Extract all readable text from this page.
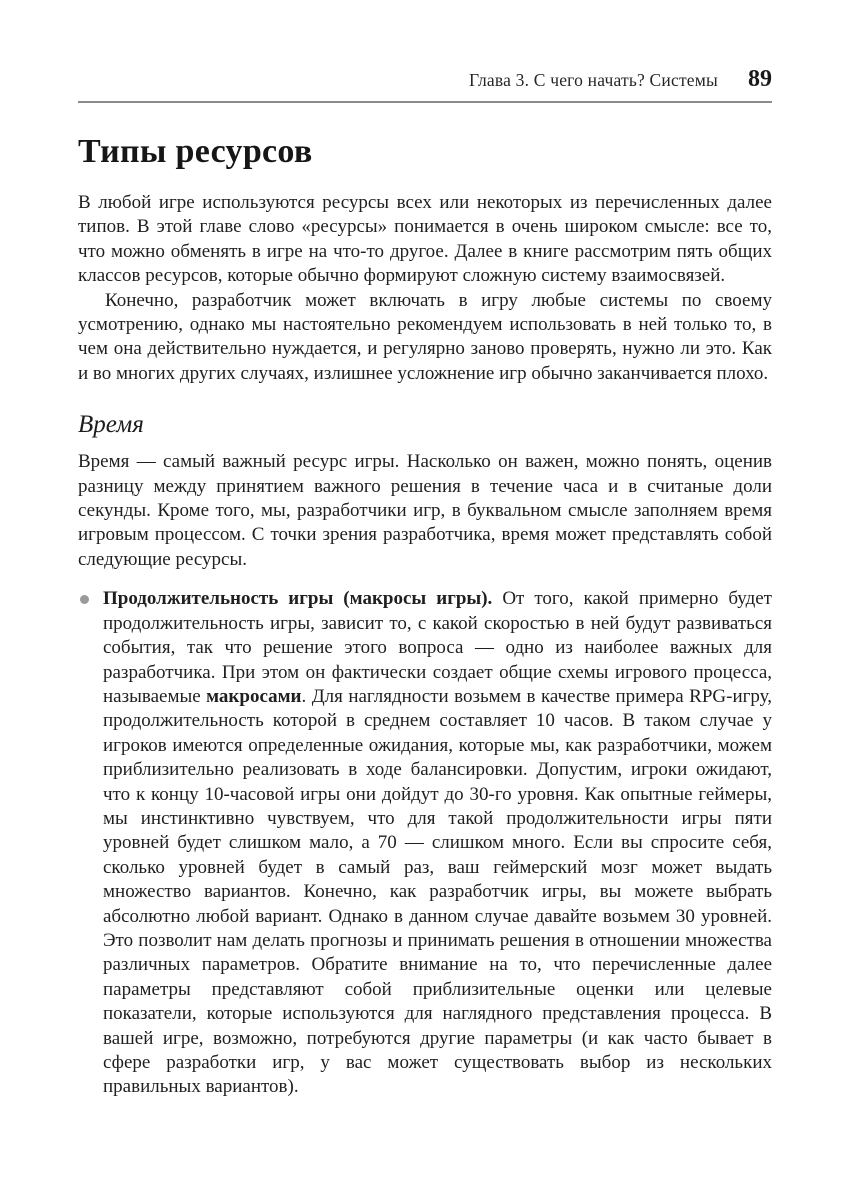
Глава 3. С чего начать? Системы 89
Типы ресурсов

В любой игре используются ресурсы всех или некоторых из перечисленных далее типов. В этой главе слово «ресурсы» понимается в очень широком смысле: все то, что можно обменять в игре на что-то другое. Далее в книге рассмотрим пять общих классов ресурсов, которые обычно формируют сложную систему взаимосвязей.

Конечно, разработчик может включать в игру любые системы по своему усмотрению, однако мы настоятельно рекомендуем использовать в ней только то, в чем она действительно нуждается, и регулярно заново проверять, нужно ли это. Как и во многих других случаях, излишнее усложнение игр обычно заканчивается плохо.

Время

Время — самый важный ресурс игры. Насколько он важен, можно понять, оценив разницу между принятием важного решения в течение часа и в считаные доли секунды. Кроме того, мы, разработчики игр, в буквальном смысле заполняем время игровым процессом. С точки зрения разработчика, время может представлять собой следующие ресурсы.

Продолжительность игры (макросы игры). От того, какой примерно будет продолжительность игры, зависит то, с какой скоростью в ней будут развиваться события, так что решение этого вопроса — одно из наиболее важных для разработчика. При этом он фактически создает общие схемы игрового процесса, называемые макросами. Для наглядности возьмем в качестве примера RPG-игру, продолжительность которой в среднем составляет 10 часов. В таком случае у игроков имеются определенные ожидания, которые мы, как разработчики, можем приблизительно реализовать в ходе балансировки. Допустим, игроки ожидают, что к концу 10-часовой игры они дойдут до 30-го уровня. Как опытные геймеры, мы инстинктивно чувствуем, что для такой продолжительности игры пяти уровней будет слишком мало, а 70 — слишком много. Если вы спросите себя, сколько уровней будет в самый раз, ваш геймерский мозг может выдать множество вариантов. Конечно, как разработчик игры, вы можете выбрать абсолютно любой вариант. Однако в данном случае давайте возьмем 30 уровней. Это позволит нам делать прогнозы и принимать решения в отношении множества различных параметров. Обратите внимание на то, что перечисленные далее параметры представляют собой приблизительные оценки или целевые показатели, которые используются для наглядного представления процесса. В вашей игре, возможно, потребуются другие параметры (и как часто бывает в сфере разработки игр, у вас может существовать выбор из нескольких правильных вариантов).
